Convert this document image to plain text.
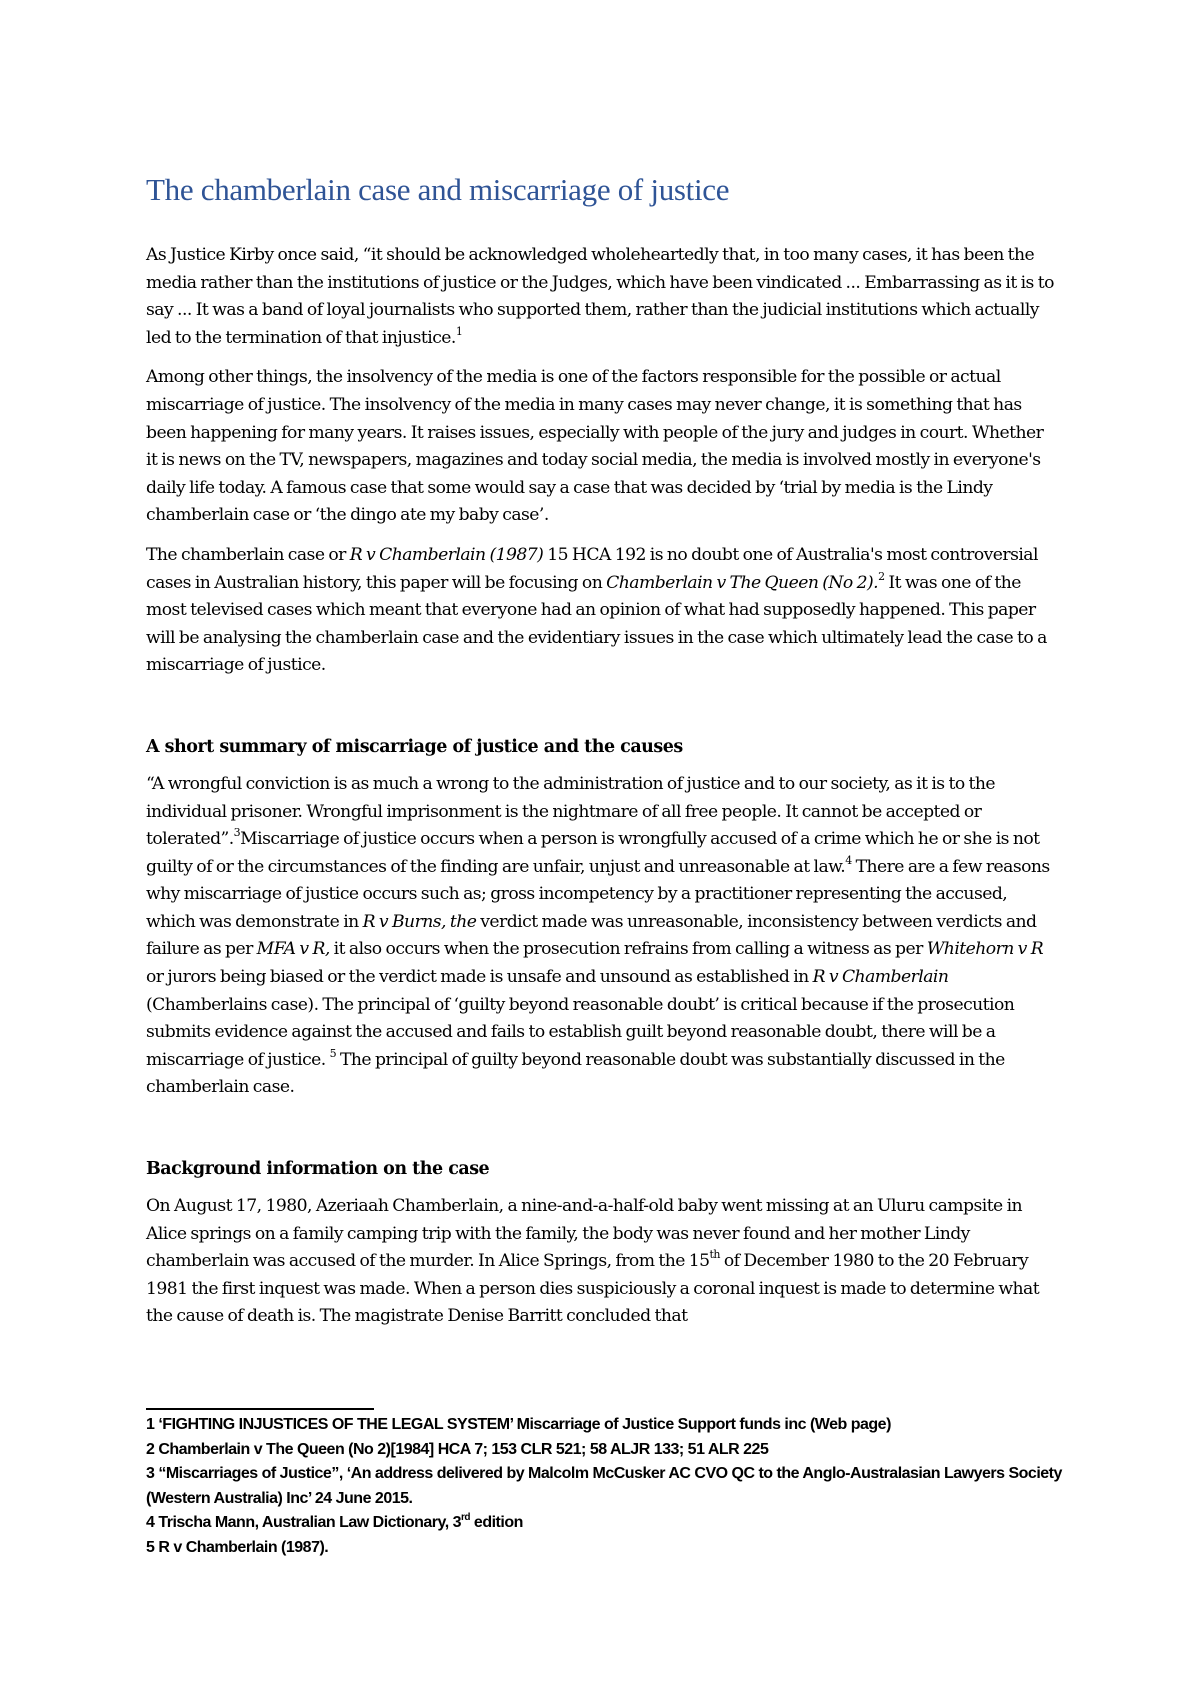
The chamberlain case and miscarriage of justice

As Justice Kirby once said, “it should be acknowledged wholeheartedly that, in too many cases, it has been the media rather than the institutions of justice or the Judges, which have been vindicated ... Embarrassing as it is to say ... It was a band of loyal journalists who supported them, rather than the judicial institutions which actually led to the termination of that injustice.$^1$

Among other things, the insolvency of the media is one of the factors responsible for the possible or actual miscarriage of justice. The insolvency of the media in many cases may never change, it is something that has been happening for many years. It raises issues, especially with people of the jury and judges in court. Whether it is news on the TV, newspapers, magazines and today social media, the media is involved mostly in everyone's daily life today. A famous case that some would say a case that was decided by ‘trial by media is the Lindy chamberlain case or ‘the dingo ate my baby case’.

The chamberlain case or R v Chamberlain (1987) 15 HCA 192 is no doubt one of Australia's most controversial cases in Australian history, this paper will be focusing on Chamberlain v The Queen (No 2).$^2$ It was one of the most televised cases which meant that everyone had an opinion of what had supposedly happened. This paper will be analysing the chamberlain case and the evidentiary issues in the case which ultimately lead the case to a miscarriage of justice.

A short summary of miscarriage of justice and the causes

“A wrongful conviction is as much a wrong to the administration of justice and to our society, as it is to the individual prisoner. Wrongful imprisonment is the nightmare of all free people. It cannot be accepted or tolerated”.$^3$Miscarriage of justice occurs when a person is wrongfully accused of a crime which he or she is not guilty of or the circumstances of the finding are unfair, unjust and unreasonable at law.$^4$ There are a few reasons why miscarriage of justice occurs such as; gross incompetency by a practitioner representing the accused, which was demonstrate in R v Burns, the verdict made was unreasonable, inconsistency between verdicts and failure as per MFA v R, it also occurs when the prosecution refrains from calling a witness as per Whitehorn v R or jurors being biased or the verdict made is unsafe and unsound as established in R v Chamberlain (Chamberlains case). The principal of ‘guilty beyond reasonable doubt’ is critical because if the prosecution submits evidence against the accused and fails to establish guilt beyond reasonable doubt, there will be a miscarriage of justice. $^5$ The principal of guilty beyond reasonable doubt was substantially discussed in the chamberlain case.

Background information on the case

On August 17, 1980, Azeriaah Chamberlain, a nine-and-a-half-old baby went missing at an Uluru campsite in Alice springs on a family camping trip with the family, the body was never found and her mother Lindy chamberlain was accused of the murder. In Alice Springs, from the 15th of December 1980 to the 20 February 1981 the first inquest was made. When a person dies suspiciously a coronal inquest is made to determine what the cause of death is. The magistrate Denise Barritt concluded that

1 ‘FIGHTING INJUSTICES OF THE LEGAL SYSTEM’ Miscarriage of Justice Support funds inc (Web page)
2 Chamberlain v The Queen (No 2)[1984] HCA 7; 153 CLR 521; 58 ALJR 133; 51 ALR 225
3 “Miscarriages of Justice”, ‘An address delivered by Malcolm McCusker AC CVO QC to the Anglo-Australasian Lawyers Society (Western Australia) Inc’ 24 June 2015.
4 Trischa Mann, Australian Law Dictionary, 3rd edition
5 R v Chamberlain (1987).
